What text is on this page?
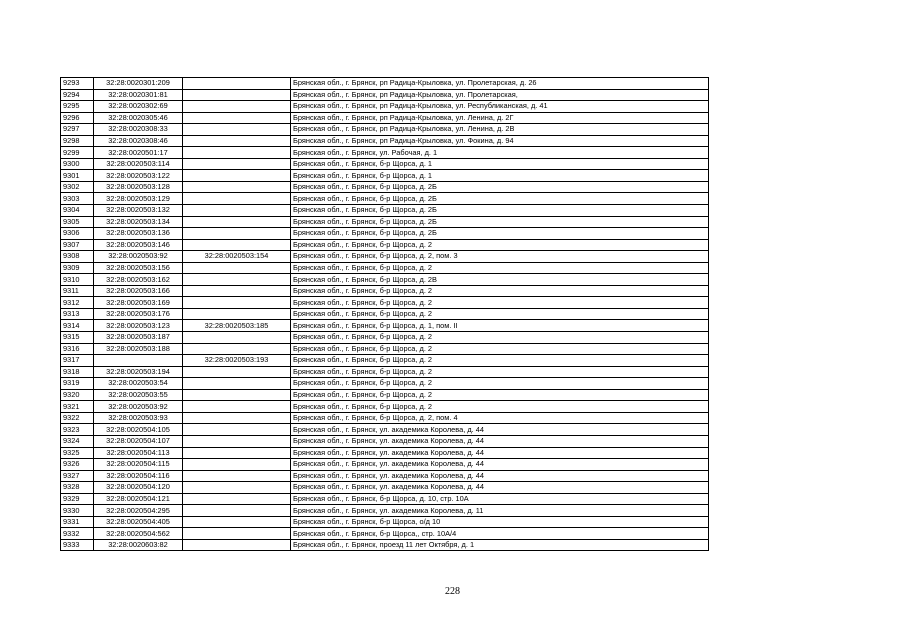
9293	32:28:0020301:209		Брянская обл., г. Брянск, рп Радица-Крыловка, ул. Пролетарская, д. 26
9294	32:28:0020301:81		Брянская обл., г. Брянск, рп Радица-Крыловка, ул. Пролетарская,
9295	32:28:0020302:69		Брянская обл., г. Брянск, рп Радица-Крыловка, ул. Республиканская, д. 41
9296	32:28:0020305:46		Брянская обл., г. Брянск, рп Радица-Крыловка, ул. Ленина, д. 2Г
9297	32:28:0020308:33		Брянская обл., г. Брянск, рп Радица-Крыловка, ул. Ленина, д. 2В
9298	32:28:0020308:46		Брянская обл., г. Брянск, рп Радица-Крыловка, ул. Фокина, д. 94
9299	32:28:0020501:17		Брянская обл., г. Брянск, ул. Рабочая, д. 1
9300	32:28:0020503:114		Брянская обл., г. Брянск, б-р Щорса, д. 1
9301	32:28:0020503:122		Брянская обл., г. Брянск, б-р Щорса, д. 1
9302	32:28:0020503:128		Брянская обл., г. Брянск, б-р Щорса, д. 2Б
9303	32:28:0020503:129		Брянская обл., г. Брянск, б-р Щорса, д. 2Б
9304	32:28:0020503:132		Брянская обл., г. Брянск, б-р Щорса, д. 2Б
9305	32:28:0020503:134		Брянская обл., г. Брянск, б-р Щорса, д. 2Б
9306	32:28:0020503:136		Брянская обл., г. Брянск, б-р Щорса, д. 2Б
9307	32:28:0020503:146		Брянская обл., г. Брянск, б-р Щорса, д. 2
9308	32:28:0020503:92	32:28:0020503:154	Брянская обл., г. Брянск, б-р Щорса, д. 2, пом. 3
9309	32:28:0020503:156		Брянская обл., г. Брянск, б-р Щорса, д. 2
9310	32:28:0020503:162		Брянская обл., г. Брянск, б-р Щорса, д. 2В
9311	32:28:0020503:166		Брянская обл., г. Брянск, б-р Щорса, д. 2
9312	32:28:0020503:169		Брянская обл., г. Брянск, б-р Щорса, д. 2
9313	32:28:0020503:176		Брянская обл., г. Брянск, б-р Щорса, д. 2
9314	32:28:0020503:123	32:28:0020503:185	Брянская обл., г. Брянск, б-р Щорса, д. 1, пом. II
9315	32:28:0020503:187		Брянская обл., г. Брянск, б-р Щорса, д. 2
9316	32:28:0020503:188		Брянская обл., г. Брянск, б-р Щорса, д. 2
9317		32:28:0020503:193	Брянская обл., г. Брянск, б-р Щорса, д. 2
9318	32:28:0020503:194		Брянская обл., г. Брянск, б-р Щорса, д. 2
9319	32:28:0020503:54		Брянская обл., г. Брянск, б-р Щорса, д. 2
9320	32:28:0020503:55		Брянская обл., г. Брянск, б-р Щорса, д. 2
9321	32:28:0020503:92		Брянская обл., г. Брянск, б-р Щорса, д. 2
9322	32:28:0020503:93		Брянская обл., г. Брянск, б-р Щорса, д. 2, пом. 4
9323	32:28:0020504:105		Брянская обл., г. Брянск, ул. академика Королева, д. 44
9324	32:28:0020504:107		Брянская обл., г. Брянск, ул. академика Королева, д. 44
9325	32:28:0020504:113		Брянская обл., г. Брянск, ул. академика Королева, д. 44
9326	32:28:0020504:115		Брянская обл., г. Брянск, ул. академика Королева, д. 44
9327	32:28:0020504:116		Брянская обл., г. Брянск, ул. академика Королева, д. 44
9328	32:28:0020504:120		Брянская обл., г. Брянск, ул. академика Королева, д. 44
9329	32:28:0020504:121		Брянская обл., г. Брянск, б-р Щорса, д. 10, стр. 10А
9330	32:28:0020504:295		Брянская обл., г. Брянск, ул. академика Королева, д. 11
9331	32:28:0020504:405		Брянская обл., г. Брянск, б-р Щорса, о/д 10
9332	32:28:0020504:562		Брянская обл., г. Брянск, б-р Щорса,, стр. 10А/4
9333	32:28:0020603:82		Брянская обл., г. Брянск, проезд 11 лет Октября, д. 1
228
